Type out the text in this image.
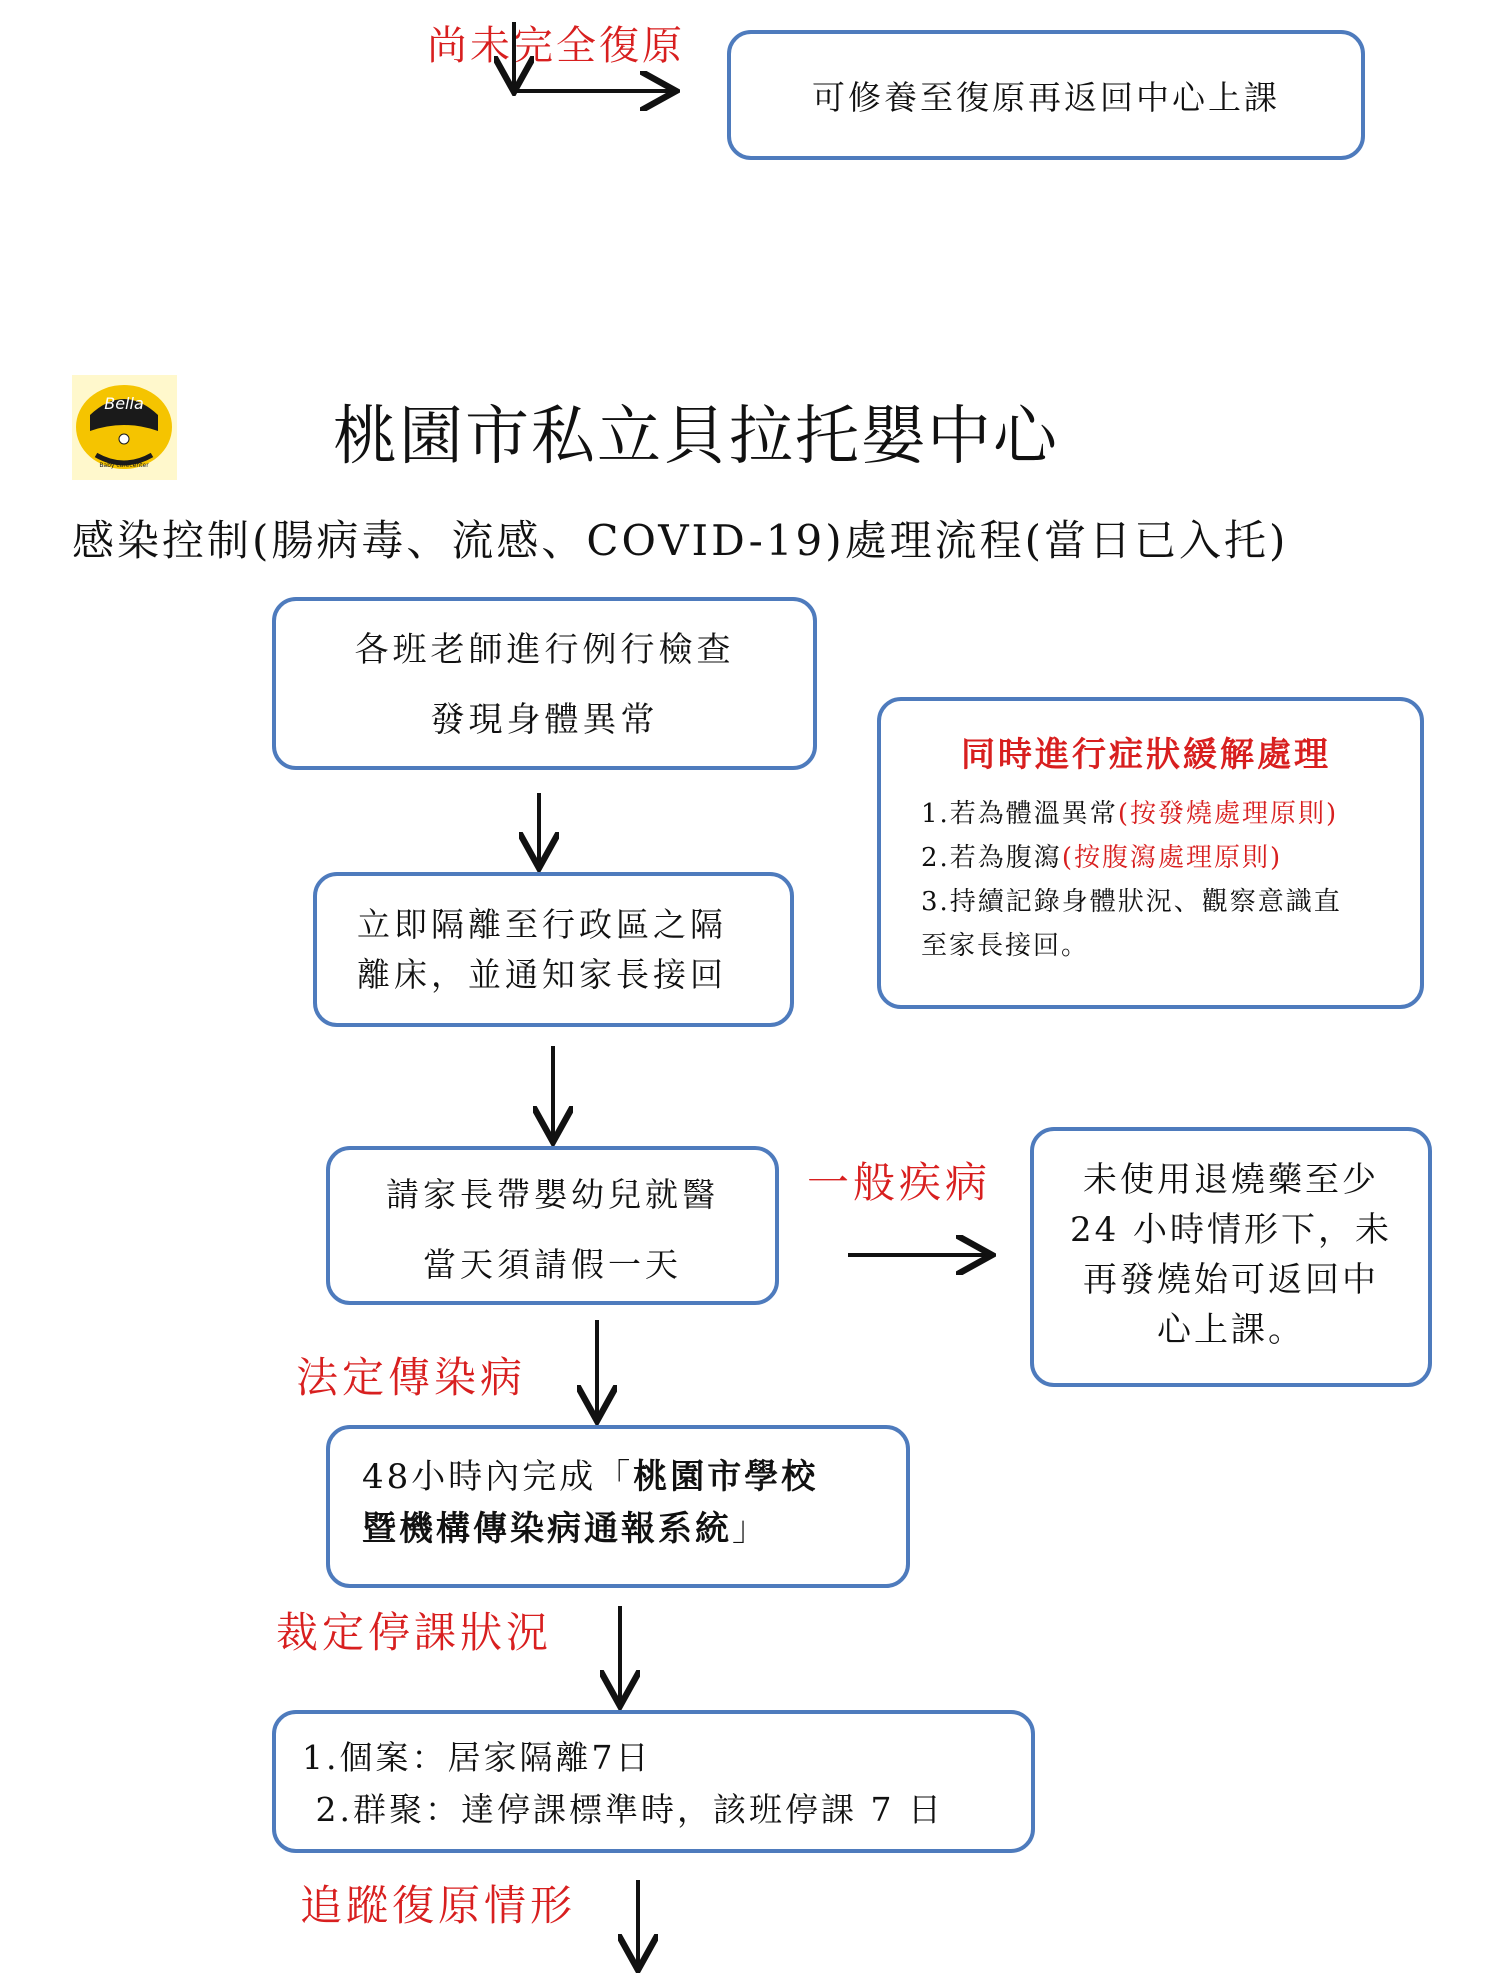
尚未完全復原
可修養至復原再返回中心上課
Bella
Baby carecenter	桃園市私立貝拉托嬰中心
感染控制(腸病毒、流感、COVID-19)處理流程(當日已入托)
各班老師進行例行檢查
發現身體異常
同時進行症狀緩解處理
1.若為體溫異常(按發燒處理原則)
2.若為腹瀉(按腹瀉處理原則)
3.持續記錄身體狀況、觀察意識直
至家長接回。
立即隔離至行政區之隔
離床，並通知家長接回
請家長帶嬰幼兒就醫
當天須請假一天
一般疾病	未使用退燒藥至少
24 小時情形下，未
再發燒始可返回中
心上課。
法定傳染病
48小時內完成「桃園市學校
暨機構傳染病通報系統」
裁定停課狀況
1.個案：居家隔離7日
2.群聚：達停課標準時，該班停課 7 日
追蹤復原情形
